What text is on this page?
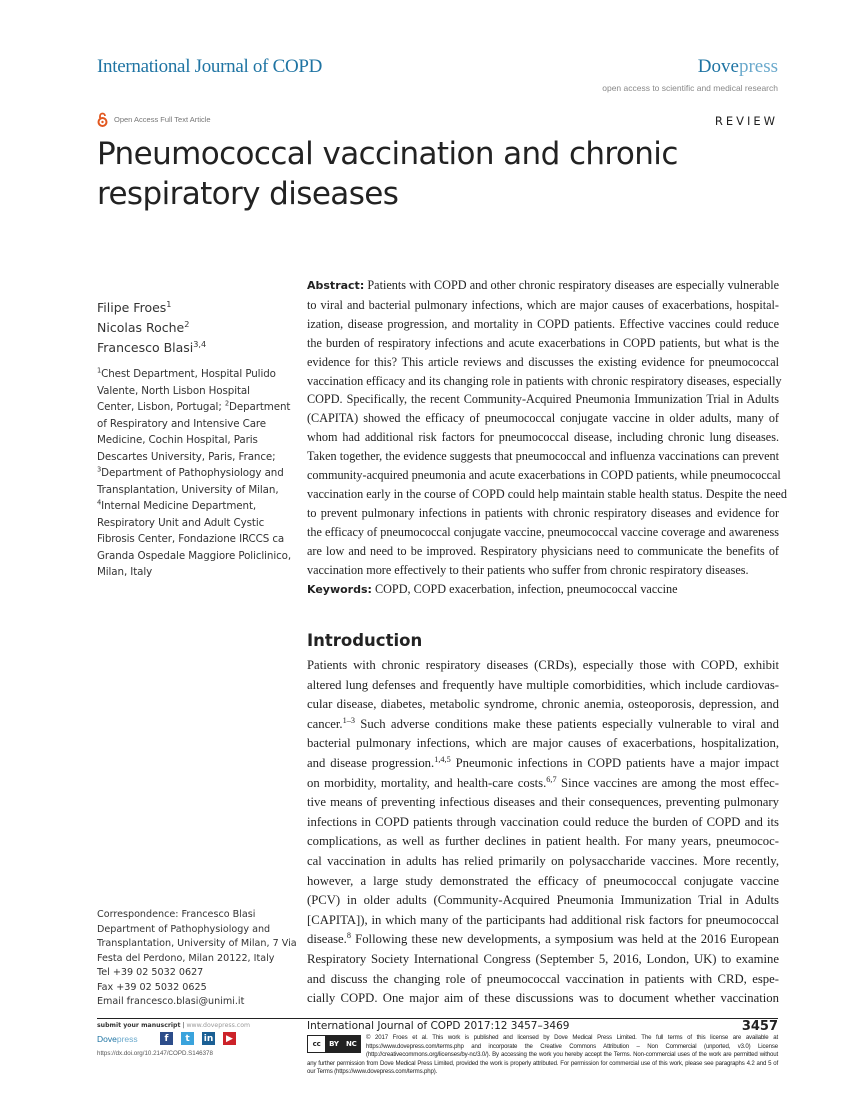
International Journal of COPD	Dovepress
open access to scientific and medical research
Open Access Full Text Article	REVIEW
Pneumococcal vaccination and chronic respiratory diseases
Filipe Froes$^1$
Nicolas Roche$^2$
Francesco Blasi$^{3,4}$
$^1$Chest Department, Hospital Pulido
Valente, North Lisbon Hospital
Center, Lisbon, Portugal; $^2$Department
of Respiratory and Intensive Care
Medicine, Cochin Hospital, Paris
Descartes University, Paris, France;
$^3$Department of Pathophysiology and
Transplantation, University of Milan,
$^4$Internal Medicine Department,
Respiratory Unit and Adult Cystic
Fibrosis Center, Fondazione IRCCS ca
Granda Ospedale Maggiore Policlinico,
Milan, Italy
Abstract: Patients with COPD and other chronic respiratory diseases are especially vulnerable
to viral and bacterial pulmonary infections, which are major causes of exacerbations, hospital-
ization, disease progression, and mortality in COPD patients. Effective vaccines could reduce
the burden of respiratory infections and acute exacerbations in COPD patients, but what is the
evidence for this? This article reviews and discusses the existing evidence for pneumococcal
vaccination efficacy and its changing role in patients with chronic respiratory diseases, especially
COPD. Specifically, the recent Community-Acquired Pneumonia Immunization Trial in Adults
(CAPITA) showed the efficacy of pneumococcal conjugate vaccine in older adults, many of
whom had additional risk factors for pneumococcal disease, including chronic lung diseases.
Taken together, the evidence suggests that pneumococcal and influenza vaccinations can prevent
community-acquired pneumonia and acute exacerbations in COPD patients, while pneumococcal
vaccination early in the course of COPD could help maintain stable health status. Despite the need
to prevent pulmonary infections in patients with chronic respiratory diseases and evidence for
the efficacy of pneumococcal conjugate vaccine, pneumococcal vaccine coverage and awareness
are low and need to be improved. Respiratory physicians need to communicate the benefits of
vaccination more effectively to their patients who suffer from chronic respiratory diseases.
Keywords: COPD, COPD exacerbation, infection, pneumococcal vaccine
Introduction
Patients with chronic respiratory diseases (CRDs), especially those with COPD, exhibit
altered lung defenses and frequently have multiple comorbidities, which include cardiovas-
cular disease, diabetes, metabolic syndrome, chronic anemia, osteoporosis, depression, and
cancer.$^{1-3}$ Such adverse conditions make these patients especially vulnerable to viral and
bacterial pulmonary infections, which are major causes of exacerbations, hospitalization,
and disease progression.$^{1,4,5}$ Pneumonic infections in COPD patients have a major impact
on morbidity, mortality, and health-care costs.$^{6,7}$ Since vaccines are among the most effec-
tive means of preventing infectious diseases and their consequences, preventing pulmonary
infections in COPD patients through vaccination could reduce the burden of COPD and its
complications, as well as further declines in patient health. For many years, pneumococ-
cal vaccination in adults has relied primarily on polysaccharide vaccines. More recently,
however, a large study demonstrated the efficacy of pneumococcal conjugate vaccine
(PCV) in older adults (Community-Acquired Pneumonia Immunization Trial in Adults
[CAPITA]), in which many of the participants had additional risk factors for pneumococcal
disease.$^8$ Following these new developments, a symposium was held at the 2016 European
Respiratory Society International Congress (September 5, 2016, London, UK) to examine
and discuss the changing role of pneumococcal vaccination in patients with CRD, espe-
cially COPD. One major aim of these discussions was to document whether vaccination
Correspondence: Francesco Blasi
Department of Pathophysiology and
Transplantation, University of Milan, 7 Via
Festa del Perdono, Milan 20122, Italy
Tel +39 02 5032 0627
Fax +39 02 5032 0625
Email francesco.blasi@unimi.it
submit your manuscript | www.dovepress.com
Dovepress	f	t	in	▶
https://dx.doi.org/10.2147/COPD.S146378
International Journal of COPD 2017:12 3457–3469	3457
cc	BY	NC
© 2017 Froes et al. This work is published and licensed by Dove Medical Press Limited. The full terms of this license are available at https://www.dovepress.com/terms.php and incorporate the Creative Commons Attribution – Non Commercial (unported, v3.0) License (http://creativecommons.org/licenses/by-nc/3.0/). By accessing the work you hereby accept the Terms. Non-commercial uses of the work are permitted without any further permission from Dove Medical Press Limited, provided the work is properly attributed. For permission for commercial use of this work, please see paragraphs 4.2 and 5 of our Terms (https://www.dovepress.com/terms.php).
